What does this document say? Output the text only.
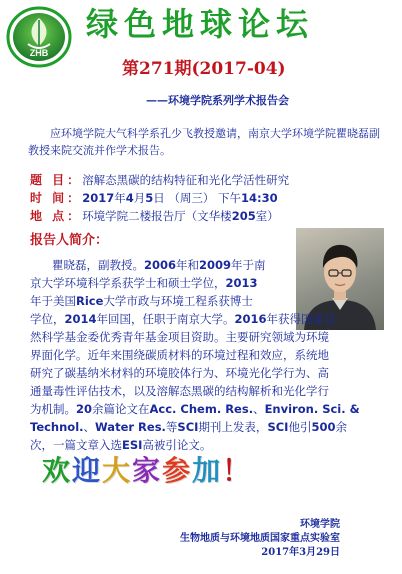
ZHB
绿色地球论坛
第271期(2017-04)
——环境学院系列学术报告会
应环境学院大气科学系孔少飞教授邀请，南京大学环境学院瞿晓磊副教授来院交流并作学术报告。
题 目：溶解态黑碳的结构特征和光化学活性研究
时 间：2017年4月5日 （周三） 下午14:30
地 点：环境学院二楼报告厅（文华楼205室）
报告人简介：
瞿晓磊，副教授。2006年和2009年于南
京大学环境科学系获学士和硕士学位，2013
年于美国Rice大学市政与环境工程系获博士
学位，2014年回国，任职于南京大学。2016年获得国家自
然科学基金委优秀青年基金项目资助。主要研究领域为环境
界面化学。近年来围绕碳质材料的环境过程和效应，系统地
研究了碳基纳米材料的环境胶体行为、环境光化学行为、高
通量毒性评估技术，以及溶解态黑碳的结构解析和光化学行
为机制。20余篇论文在Acc. Chem. Res.、Environ. Sci. &
Technol.、Water Res.等SCI期刊上发表，SCI他引500余
次，一篇文章入选ESI高被引论文。
欢迎大家参加！
环境学院
生物地质与环境地质国家重点实验室
2017年3月29日
